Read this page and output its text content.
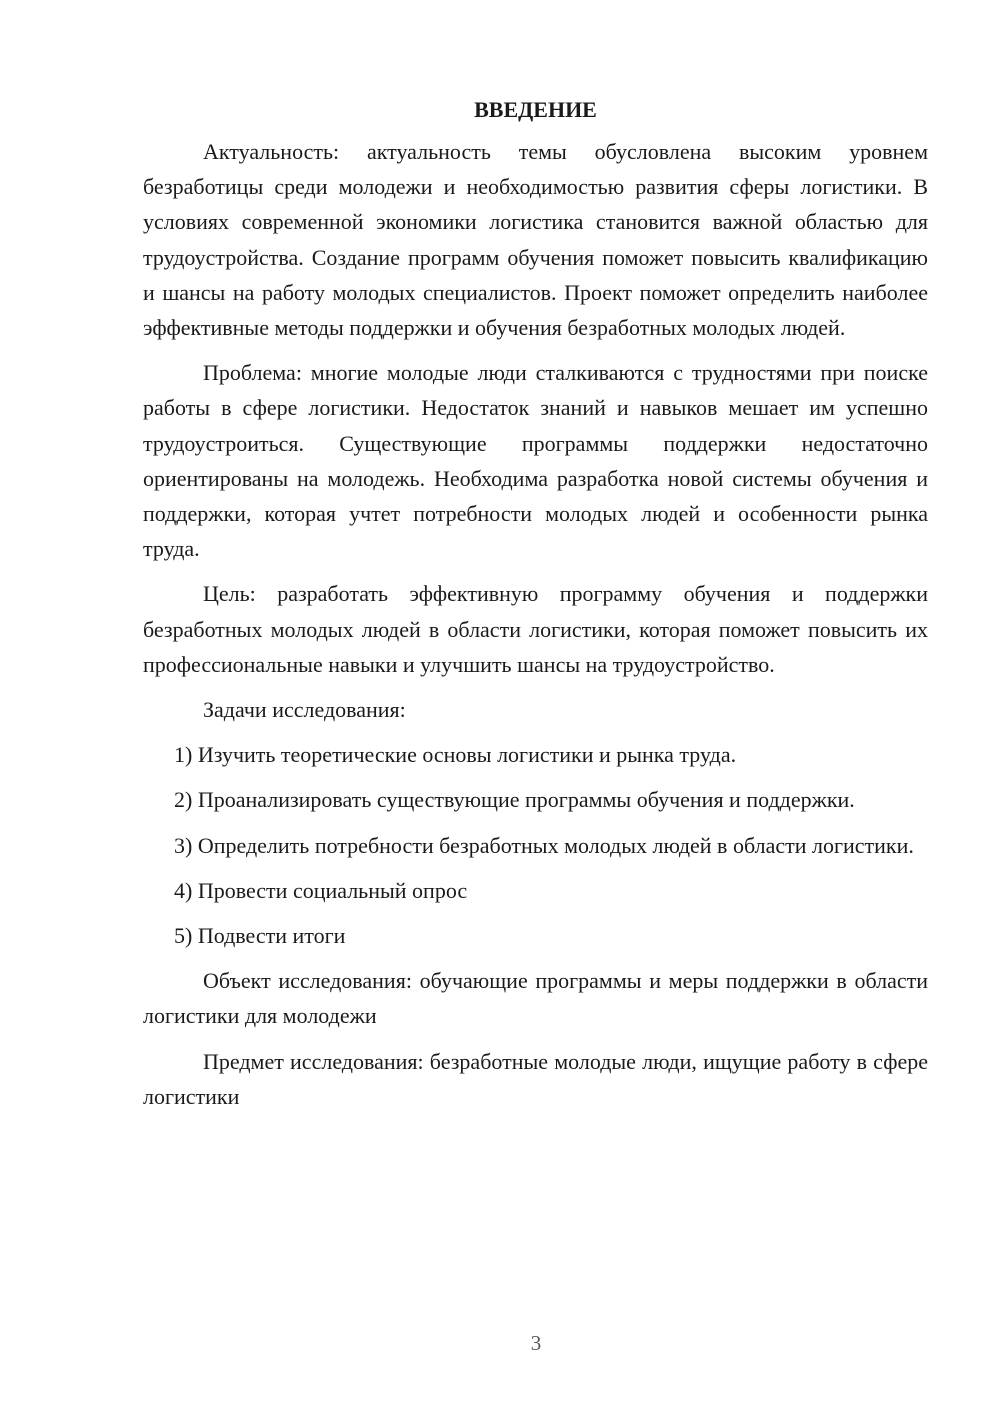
ВВЕДЕНИЕ

Актуальность: актуальность темы обусловлена высоким уровнем безработицы среди молодежи и необходимостью развития сферы логистики. В условиях современной экономики логистика становится важной областью для трудоустройства. Создание программ обучения поможет повысить квалификацию и шансы на работу молодых специалистов. Проект поможет определить наиболее эффективные методы поддержки и обучения безработных молодых людей.

Проблема: многие молодые люди сталкиваются с трудностями при поиске работы в сфере логистики. Недостаток знаний и навыков мешает им успешно трудоустроиться. Существующие программы поддержки недостаточно ориентированы на молодежь. Необходима разработка новой системы обучения и поддержки, которая учтет потребности молодых людей и особенности рынка труда.

Цель: разработать эффективную программу обучения и поддержки безработных молодых людей в области логистики, которая поможет повысить их профессиональные навыки и улучшить шансы на трудоустройство.

Задачи исследования:

1) Изучить теоретические основы логистики и рынка труда.

2) Проанализировать существующие программы обучения и поддержки.

3) Определить потребности безработных молодых людей в области логистики.

4) Провести социальный опрос

5) Подвести итоги

Объект исследования: обучающие программы и меры поддержки в области логистики для молодежи

Предмет исследования: безработные молодые люди, ищущие работу в сфере логистики

3
